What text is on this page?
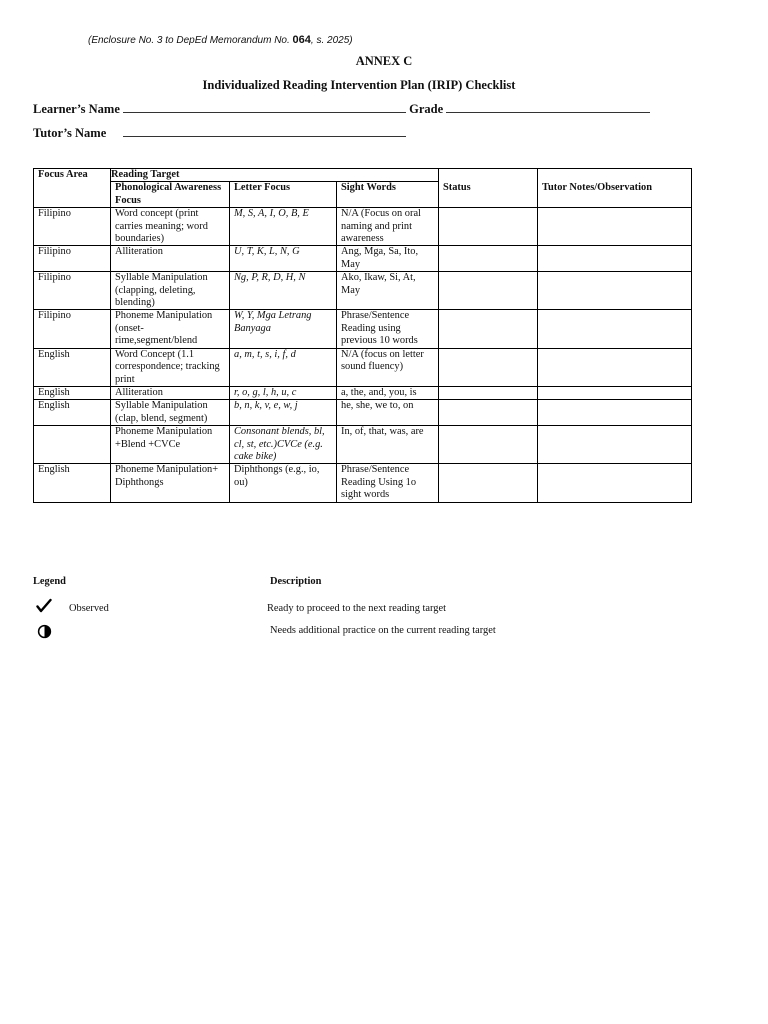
(Enclosure No. 3 to DepEd Memorandum No. 064, s. 2025)
ANNEX C
Individualized Reading Intervention Plan (IRIP) Checklist
Learner’s Name	Grade
Tutor’s Name
Focus Area	Reading Target				
	Phonological Awareness Focus	Letter Focus	Sight Words	Status	Tutor Notes/Observation
Filipino	Word concept (print carries meaning; word boundaries)	M, S, A, I, O, B, E	N/A (Focus on oral naming and print awareness		
Filipino	Alliteration	U, T, K, L, N, G	Ang, Mga, Sa, Ito, May		
Filipino	Syllable Manipulation (clapping, deleting, blending)	Ng, P, R, D, H, N	Ako, Ikaw, Si, At, May		
Filipino	Phoneme Manipulation (onset-rime,segment/blend	W, Y, Mga Letrang Banyaga	Phrase/Sentence Reading using previous 10 words		
English	Word Concept (1.1 correspondence; tracking print	a, m, t, s, i, f, d	N/A (focus on letter sound fluency)		
English	Alliteration	r, o, g, l, h, u, c	a, the, and, you, is		
English	Syllable Manipulation (clap, blend, segment)	b, n, k, v, e, w, j	he, she, we to, on		
	Phoneme Manipulation +Blend +CVCe	Consonant blends, bl, cl, st, etc.)CVCe (e.g. cake bike)	In, of, that, was, are		
English	Phoneme Manipulation+ Diphthongs	Diphthongs (e.g., io, ou)	Phrase/Sentence Reading Using 1o sight words		
Legend	Description
Observed	Ready to proceed to the next reading target
Needs additional practice on the current reading target
